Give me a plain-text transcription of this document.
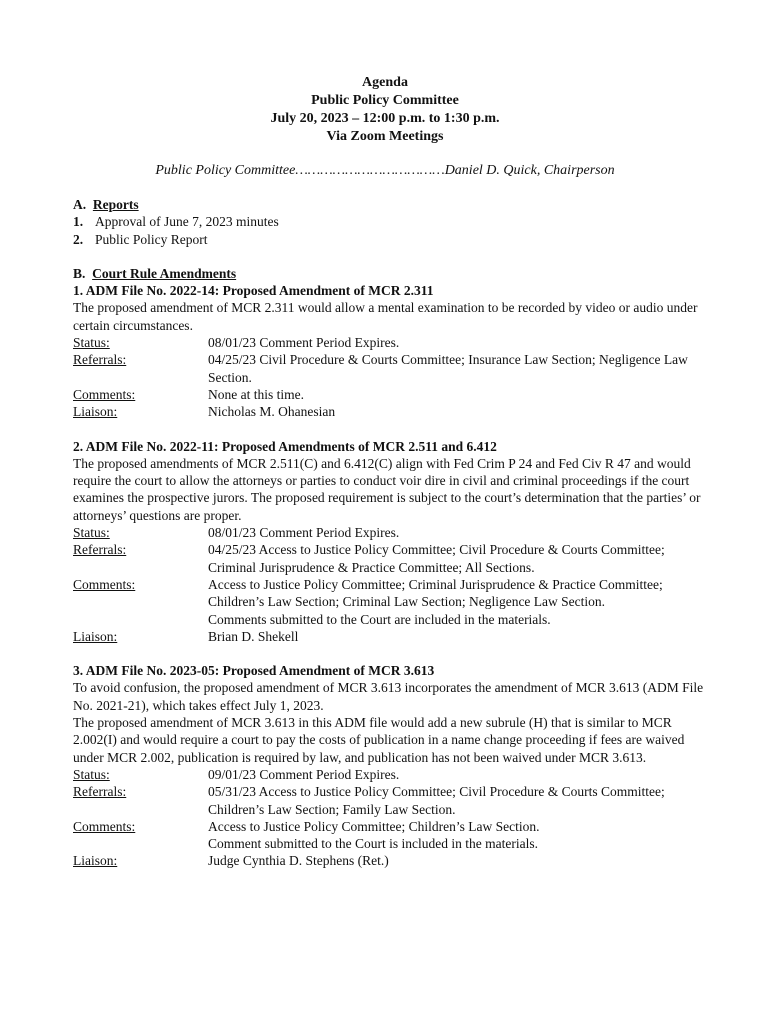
Agenda
Public Policy Committee
July 20, 2023 – 12:00 p.m. to 1:30 p.m.
Via Zoom Meetings
Public Policy Committee………………………………Daniel D. Quick, Chairperson
A. Reports
1. Approval of June 7, 2023 minutes
2. Public Policy Report
B. Court Rule Amendments
1. ADM File No. 2022-14: Proposed Amendment of MCR 2.311

The proposed amendment of MCR 2.311 would allow a mental examination to be recorded by video or audio under certain circumstances.

Status:	08/01/23 Comment Period Expires.
Referrals:	04/25/23 Civil Procedure & Courts Committee; Insurance Law Section; Negligence Law Section.
Comments:	None at this time.
Liaison:	Nicholas M. Ohanesian
2. ADM File No. 2022-11: Proposed Amendments of MCR 2.511 and 6.412

The proposed amendments of MCR 2.511(C) and 6.412(C) align with Fed Crim P 24 and Fed Civ R 47 and would require the court to allow the attorneys or parties to conduct voir dire in civil and criminal proceedings if the court examines the prospective jurors. The proposed requirement is subject to the court’s determination that the parties’ or attorneys’ questions are proper.

Status:	08/01/23 Comment Period Expires.
Referrals:	04/25/23 Access to Justice Policy Committee; Civil Procedure & Courts Committee; Criminal Jurisprudence & Practice Committee; All Sections.
Comments:	Access to Justice Policy Committee; Criminal Jurisprudence & Practice Committee; Children’s Law Section; Criminal Law Section; Negligence Law Section.
Comments submitted to the Court are included in the materials.
Liaison:	Brian D. Shekell
3. ADM File No. 2023-05: Proposed Amendment of MCR 3.613

To avoid confusion, the proposed amendment of MCR 3.613 incorporates the amendment of MCR 3.613 (ADM File No. 2021-21), which takes effect July 1, 2023.

The proposed amendment of MCR 3.613 in this ADM file would add a new subrule (H) that is similar to MCR 2.002(I) and would require a court to pay the costs of publication in a name change proceeding if fees are waived under MCR 2.002, publication is required by law, and publication has not been waived under MCR 3.613.

Status:	09/01/23 Comment Period Expires.
Referrals:	05/31/23 Access to Justice Policy Committee; Civil Procedure & Courts Committee; Children’s Law Section; Family Law Section.
Comments:	Access to Justice Policy Committee; Children’s Law Section.
Comment submitted to the Court is included in the materials.
Liaison:	Judge Cynthia D. Stephens (Ret.)
